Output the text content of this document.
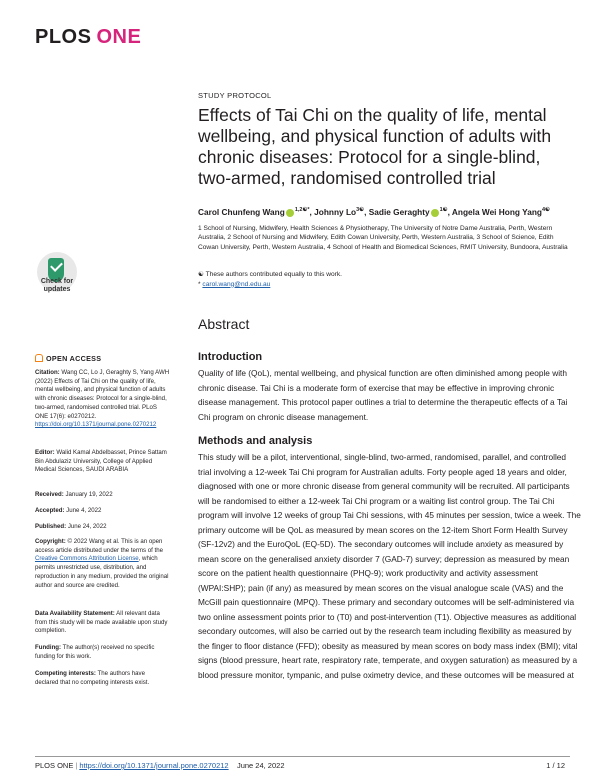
PLOS ONE
STUDY PROTOCOL
Effects of Tai Chi on the quality of life, mental wellbeing, and physical function of adults with chronic diseases: Protocol for a single-blind, two-armed, randomised controlled trial
Carol Chunfeng Wang $^{1,2☯*}$, Johnny $Lo^{3☯}$, Sadie Geraghty $^{1☯}$, Angela Wei Hong Yang$^{4☯}$
1 School of Nursing, Midwifery, Health Sciences & Physiotherapy, The University of Notre Dame Australia, Perth, Western Australia, 2 School of Nursing and Midwifery, Edith Cowan University, Perth, Western Australia, 3 School of Science, Edith Cowan University, Perth, Western Australia, 4 School of Health and Biomedical Sciences, RMIT University, Bundoora, Australia
☯ These authors contributed equally to this work.
* carol.wang@nd.edu.au
Abstract
Check for updates
OPEN ACCESS
Citation: Wang CC, Lo J, Geraghty S, Yang AWH (2022) Effects of Tai Chi on the quality of life, mental wellbeing, and physical function of adults with chronic diseases: Protocol for a single-blind, two-armed, randomised controlled trial. PLoS ONE 17(6): e0270212. https://doi.org/10.1371/journal.pone.0270212
Editor: Walid Kamal Abdelbasset, Prince Sattam Bin Abdulaziz University, College of Applied Medical Sciences, SAUDI ARABIA
Received: January 19, 2022
Accepted: June 4, 2022
Published: June 24, 2022
Copyright: © 2022 Wang et al. This is an open access article distributed under the terms of the Creative Commons Attribution License, which permits unrestricted use, distribution, and reproduction in any medium, provided the original author and source are credited.
Data Availability Statement: All relevant data from this study will be made available upon study completion.
Funding: The author(s) received no specific funding for this work.
Competing interests: The authors have declared that no competing interests exist.
Introduction

Quality of life (QoL), mental wellbeing, and physical function are often diminished among people with chronic disease. Tai Chi is a moderate form of exercise that may be effective in improving chronic disease management. This protocol paper outlines a trial to determine the therapeutic effects of a Tai Chi program on chronic disease management.

Methods and analysis

This study will be a pilot, interventional, single-blind, two-armed, randomised, parallel, and controlled trial involving a 12-week Tai Chi program for Australian adults. Forty people aged 18 years and older, diagnosed with one or more chronic disease from general community will be recruited. All participants will be randomised to either a 12-week Tai Chi program or a waiting list control group. The Tai Chi program will involve 12 weeks of group Tai Chi sessions, with 45 minutes per session, twice a week. The primary outcome will be QoL as measured by mean scores on the 12-item Short Form Health Survey (SF-12v2) and the EuroQoL (EQ-5D). The secondary outcomes will include anxiety as measured by mean score on the generalised anxiety disorder 7 (GAD-7) survey; depression as measured by mean score on the patient health questionnaire (PHQ-9); work productivity and activity assessment (WPAI:SHP); pain (if any) as measured by mean scores on the visual analogue scale (VAS) and the McGill pain questionnaire (MPQ). These primary and secondary outcomes will be self-administered via two online assessment points prior to (T0) and post-intervention (T1). Objective measures as additional secondary outcomes, will also be carried out by the research team including flexibility as measured by the finger to floor distance (FFD); obesity as measured by mean scores on body mass index (BMI); vital signs (blood pressure, heart rate, respiratory rate, temperate, and oxygen saturation) as measured by a blood pressure monitor, tympanic, and pulse oximetry device, and these outcomes will be measured at

PLOS ONE | https://doi.org/10.1371/journal.pone.0270212 June 24, 2022	1 / 12
